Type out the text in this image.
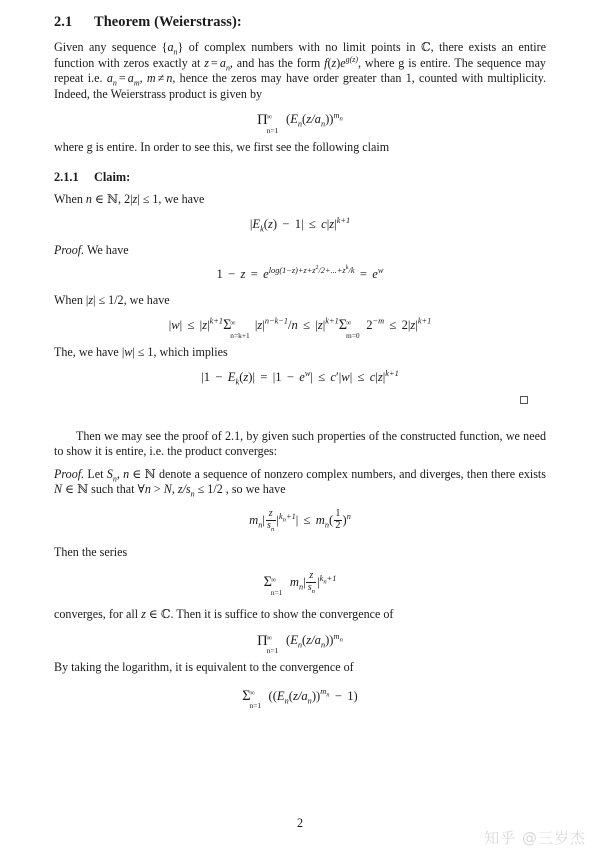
2.1	Theorem (Weierstrass):

Given any sequence $\{a_n\}$ of complex numbers with no limit points in ℂ, there exists an entire function with zeros exactly at $z = a_n$, and has the form $f(z)e^{g(z)}$, where g is entire. The sequence may repeat i.e. $a_n = a_m$, m ≠ n, hence the zeros may have order greater than 1, counted with multiplicity. Indeed, the Weierstrass product is given by

Π
∞
n=1
$(E_n(z/a_n))^{m_n}$

where g is entire. In order to see this, we first see the following claim

2.1.1	Claim:

When n ∈ ℕ, 2|z| ≤ 1, we have

$|E_k(z) - 1| \le c|z|^{k+1}$

Proof. We have

$1 - z = e^{log(1-z)+z+z^2/2+...+z^k/k} = e^w$

When |z| ≤ 1/2, we have

$|w| \le |z|^{k+1}\Sigma$
∞
n=k+1
$|z|^{n-k-1}/n \le |z|^{k+1}\Sigma$
∞
m=0
$2^{-m} \le 2|z|^{k+1}$

The, we have |w| ≤ 1, which implies

$|1 - E_k(z)| = |1 - e^w| \le c'|w| \le c|z|^{k+1}$

Then we may see the proof of 2.1, by given such properties of the constructed function, we need to show it is entire, i.e. the product converges:

Proof. Let $S_n$, n ∈ ℕ denote a sequence of nonzero complex numbers, and diverges, then there exists N ∈ ℕ such that ∀n > N, $z/s_n \le 1/2$ , so we have

$m_n| \frac{z}{s_n} |^{k_n+1}| \le m_n( \frac{1}{2} )^n$

Then the series

Σ
∞
n=1
$m_n| \frac{z}{s_n} |^{k_n+1}$

converges, for all z ∈ ℂ. Then it is suffice to show the convergence of

Π
∞
n=1
$(E_n(z/a_n))^{m_n}$

By taking the logarithm, it is equivalent to the convergence of

Σ
∞
n=1
$((E_n(z/a_n))^{m_n} - 1)$
2
知乎 @三岁杰
